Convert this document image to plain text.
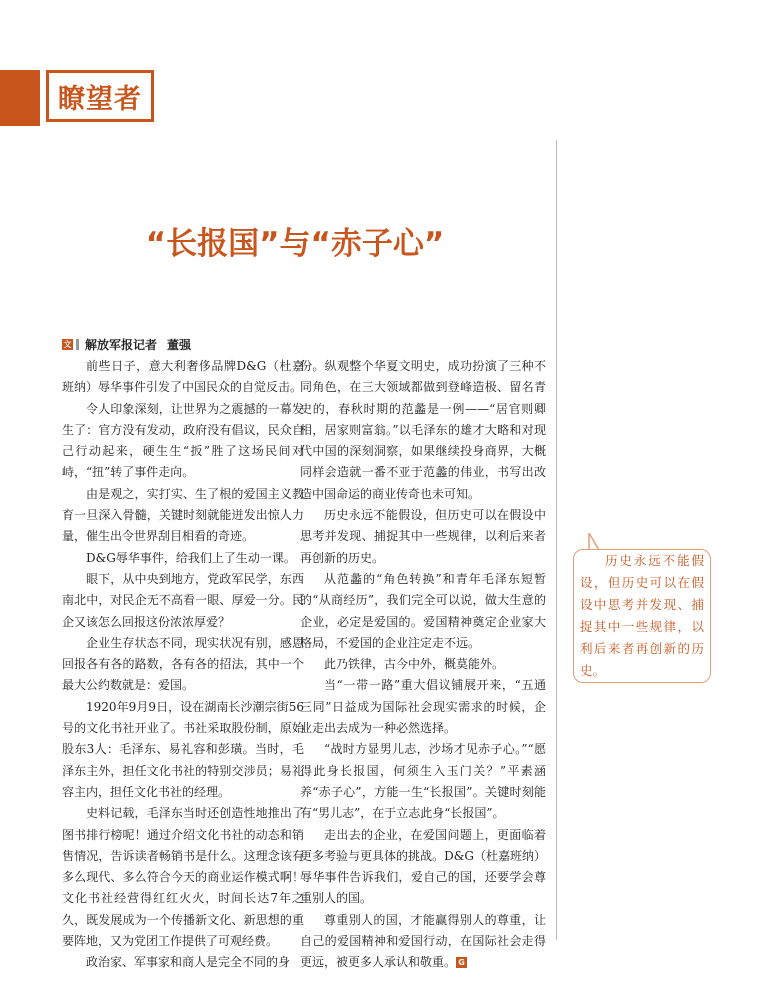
瞭望者
“长报国”与“赤子心”
文 解放军报记者 董强

前些日子，意大利奢侈品牌D&G（杜嘉班纳）辱华事件引发了中国民众的自觉反击。

令人印象深刻，让世界为之震撼的一幕发生了：官方没有发动，政府没有倡议，民众自己行动起来，硬生生“扳”胜了这场民间对峙，“扭”转了事件走向。

由是观之，实打实、生了根的爱国主义教育一旦深入骨髓，关键时刻就能迸发出惊人力量，催生出令世界刮目相看的奇迹。

D&G辱华事件，给我们上了生动一课。

眼下，从中央到地方，党政军民学，东西南北中，对民企无不高看一眼、厚爱一分。民企又该怎么回报这份浓浓厚爱？

企业生存状态不同，现实状况有别，感恩回报各有各的路数，各有各的招法，其中一个最大公约数就是：爱国。

1920年9月9日，设在湖南长沙潮宗街56号的文化书社开业了。书社采取股份制，原始股东3人：毛泽东、易礼容和彭璜。当时，毛泽东主外，担任文化书社的特别交涉员；易礼容主内，担任文化书社的经理。

史料记载，毛泽东当时还创造性地推出了图书排行榜呢！通过介绍文化书社的动态和销售情况，告诉读者畅销书是什么。这理念该有多么现代、多么符合今天的商业运作模式啊！文化书社经营得红红火火，时间长达7年之久，既发展成为一个传播新文化、新思想的重要阵地，又为党团工作提供了可观经费。

政治家、军事家和商人是完全不同的身

份。纵观整个华夏文明史，成功扮演了三种不同角色，在三大领域都做到登峰造极、留名青史的，春秋时期的范蠡是一例——“居官则卿相，居家则富翁。”以毛泽东的雄才大略和对现代中国的深刻洞察，如果继续投身商界，大概同样会造就一番不亚于范蠡的伟业，书写出改造中国命运的商业传奇也未可知。

历史永远不能假设，但历史可以在假设中思考并发现、捕捉其中一些规律，以利后来者再创新的历史。

从范蠡的“角色转换”和青年毛泽东短暂的“从商经历”，我们完全可以说，做大生意的企业，必定是爱国的。爱国精神奠定企业家大格局，不爱国的企业注定走不远。

此乃铁律，古今中外，概莫能外。

当“一带一路”重大倡议铺展开来，“五通三同”日益成为国际社会现实需求的时候，企业走出去成为一种必然选择。

“战时方显男儿志，沙场才见赤子心。”“愿得此身长报国，何须生入玉门关？”平素涵养“赤子心”，方能一生“长报国”。关键时刻能有“男儿志”，在于立志此身“长报国”。

走出去的企业，在爱国问题上，更面临着更多考验与更具体的挑战。D&G（杜嘉班纳）辱华事件告诉我们，爱自己的国，还要学会尊重别人的国。

尊重别人的国，才能赢得别人的尊重，让自己的爱国精神和爱国行动，在国际社会走得更远，被更多人承认和敬重。 G

历史永远不能假设，但历史可以在假设中思考并发现、捕捉其中一些规律，以利后来者再创新的历史。
